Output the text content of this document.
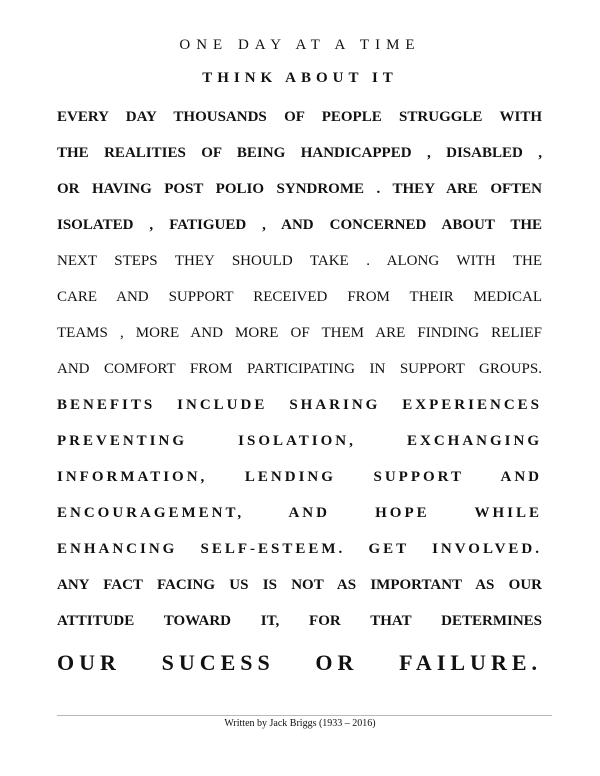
ONE DAY AT A TIME
THINK ABOUT IT
EVERY DAY THOUSANDS OF PEOPLE STRUGGLE WITH
THE REALITIES OF BEING HANDICAPPED , DISABLED ,
OR HAVING POST POLIO SYNDROME . THEY ARE OFTEN
ISOLATED , FATIGUED , AND CONCERNED ABOUT THE
NEXT STEPS THEY SHOULD TAKE . ALONG WITH THE
CARE AND SUPPORT RECEIVED FROM THEIR MEDICAL
TEAMS , MORE AND MORE OF THEM ARE FINDING RELIEF
AND COMFORT FROM PARTICIPATING IN SUPPORT GROUPS.
BENEFITS INCLUDE SHARING EXPERIENCES
PREVENTING ISOLATION, EXCHANGING
INFORMATION, LENDING SUPPORT AND
ENCOURAGEMENT, AND HOPE WHILE
ENHANCING SELF-ESTEEM. GET INVOLVED.
ANY FACT FACING US IS NOT AS IMPORTANT AS OUR
ATTITUDE TOWARD IT, FOR THAT DETERMINES
OUR SUCESS OR FAILURE.
Written by Jack Briggs (1933 – 2016)
